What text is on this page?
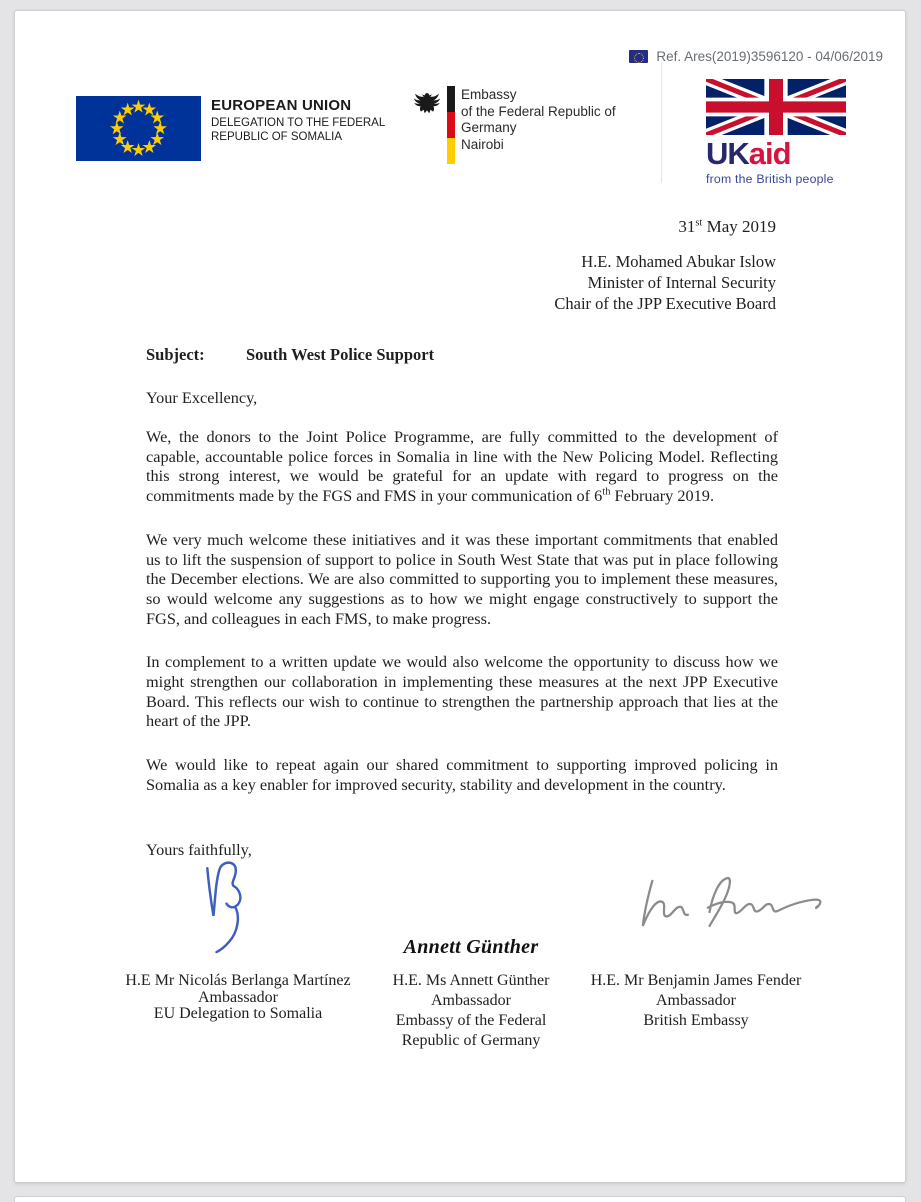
Ref. Ares(2019)3596120 - 04/06/2019
EUROPEAN UNION
DELEGATION TO THE FEDERAL
REPUBLIC OF SOMALIA
Embassy
of the Federal Republic of Germany
Nairobi	UKaid
from the British people
31st May 2019
H.E. Mohamed Abukar Islow
Minister of Internal Security
Chair of the JPP Executive Board
Subject:	South West Police Support
Your Excellency,

We, the donors to the Joint Police Programme, are fully committed to the development of capable, accountable police forces in Somalia in line with the New Policing Model. Reflecting this strong interest, we would be grateful for an update with regard to progress on the commitments made by the FGS and FMS in your communication of 6th February 2019.

We very much welcome these initiatives and it was these important commitments that enabled us to lift the suspension of support to police in South West State that was put in place following the December elections. We are also committed to supporting you to implement these measures, so would welcome any suggestions as to how we might engage constructively to support the FGS, and colleagues in each FMS, to make progress.

In complement to a written update we would also welcome the opportunity to discuss how we might strengthen our collaboration in implementing these measures at the next JPP Executive Board. This reflects our wish to continue to strengthen the partnership approach that lies at the heart of the JPP.

We would like to repeat again our shared commitment to supporting improved policing in Somalia as a key enabler for improved security, stability and development in the country.

Yours faithfully,
Annett Günther
H.E Mr Nicolás Berlanga Martínez
Ambassador
EU Delegation to Somalia
H.E. Ms Annett Günther
Ambassador
Embassy of the Federal
Republic of Germany
H.E. Mr Benjamin James Fender
Ambassador
British Embassy
